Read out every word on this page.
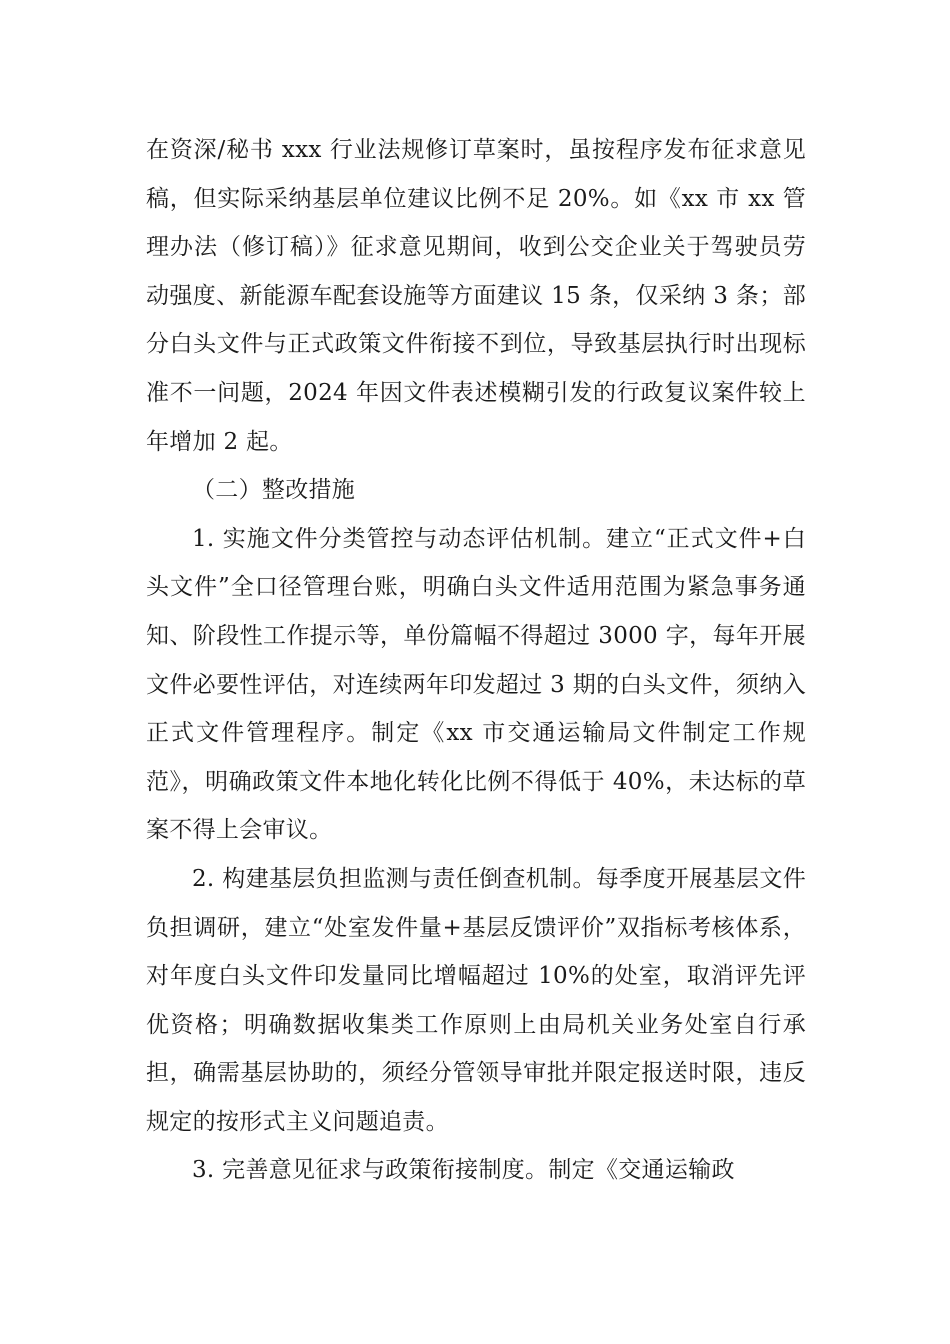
在资深/秘书 xxx 行业法规修订草案时，虽按程序发布征求意见稿，但实际采纳基层单位建议比例不足 20%。如《xx 市 xx 管理办法（修订稿）》征求意见期间，收到公交企业关于驾驶员劳动强度、新能源车配套设施等方面建议 15 条，仅采纳 3 条；部分白头文件与正式政策文件衔接不到位，导致基层执行时出现标准不一问题，2024 年因文件表述模糊引发的行政复议案件较上年增加 2 起。

（二）整改措施

1. 实施文件分类管控与动态评估机制。建立“正式文件+白头文件”全口径管理台账，明确白头文件适用范围为紧急事务通知、阶段性工作提示等，单份篇幅不得超过 3000 字，每年开展文件必要性评估，对连续两年印发超过 3 期的白头文件，须纳入正式文件管理程序。制定《xx 市交通运输局文件制定工作规范》，明确政策文件本地化转化比例不得低于 40%，未达标的草案不得上会审议。

2. 构建基层负担监测与责任倒查机制。每季度开展基层文件负担调研，建立“处室发件量+基层反馈评价”双指标考核体系，对年度白头文件印发量同比增幅超过 10%的处室，取消评先评优资格；明确数据收集类工作原则上由局机关业务处室自行承担，确需基层协助的，须经分管领导审批并限定报送时限，违反规定的按形式主义问题追责。

3. 完善意见征求与政策衔接制度。制定《交通运输政
